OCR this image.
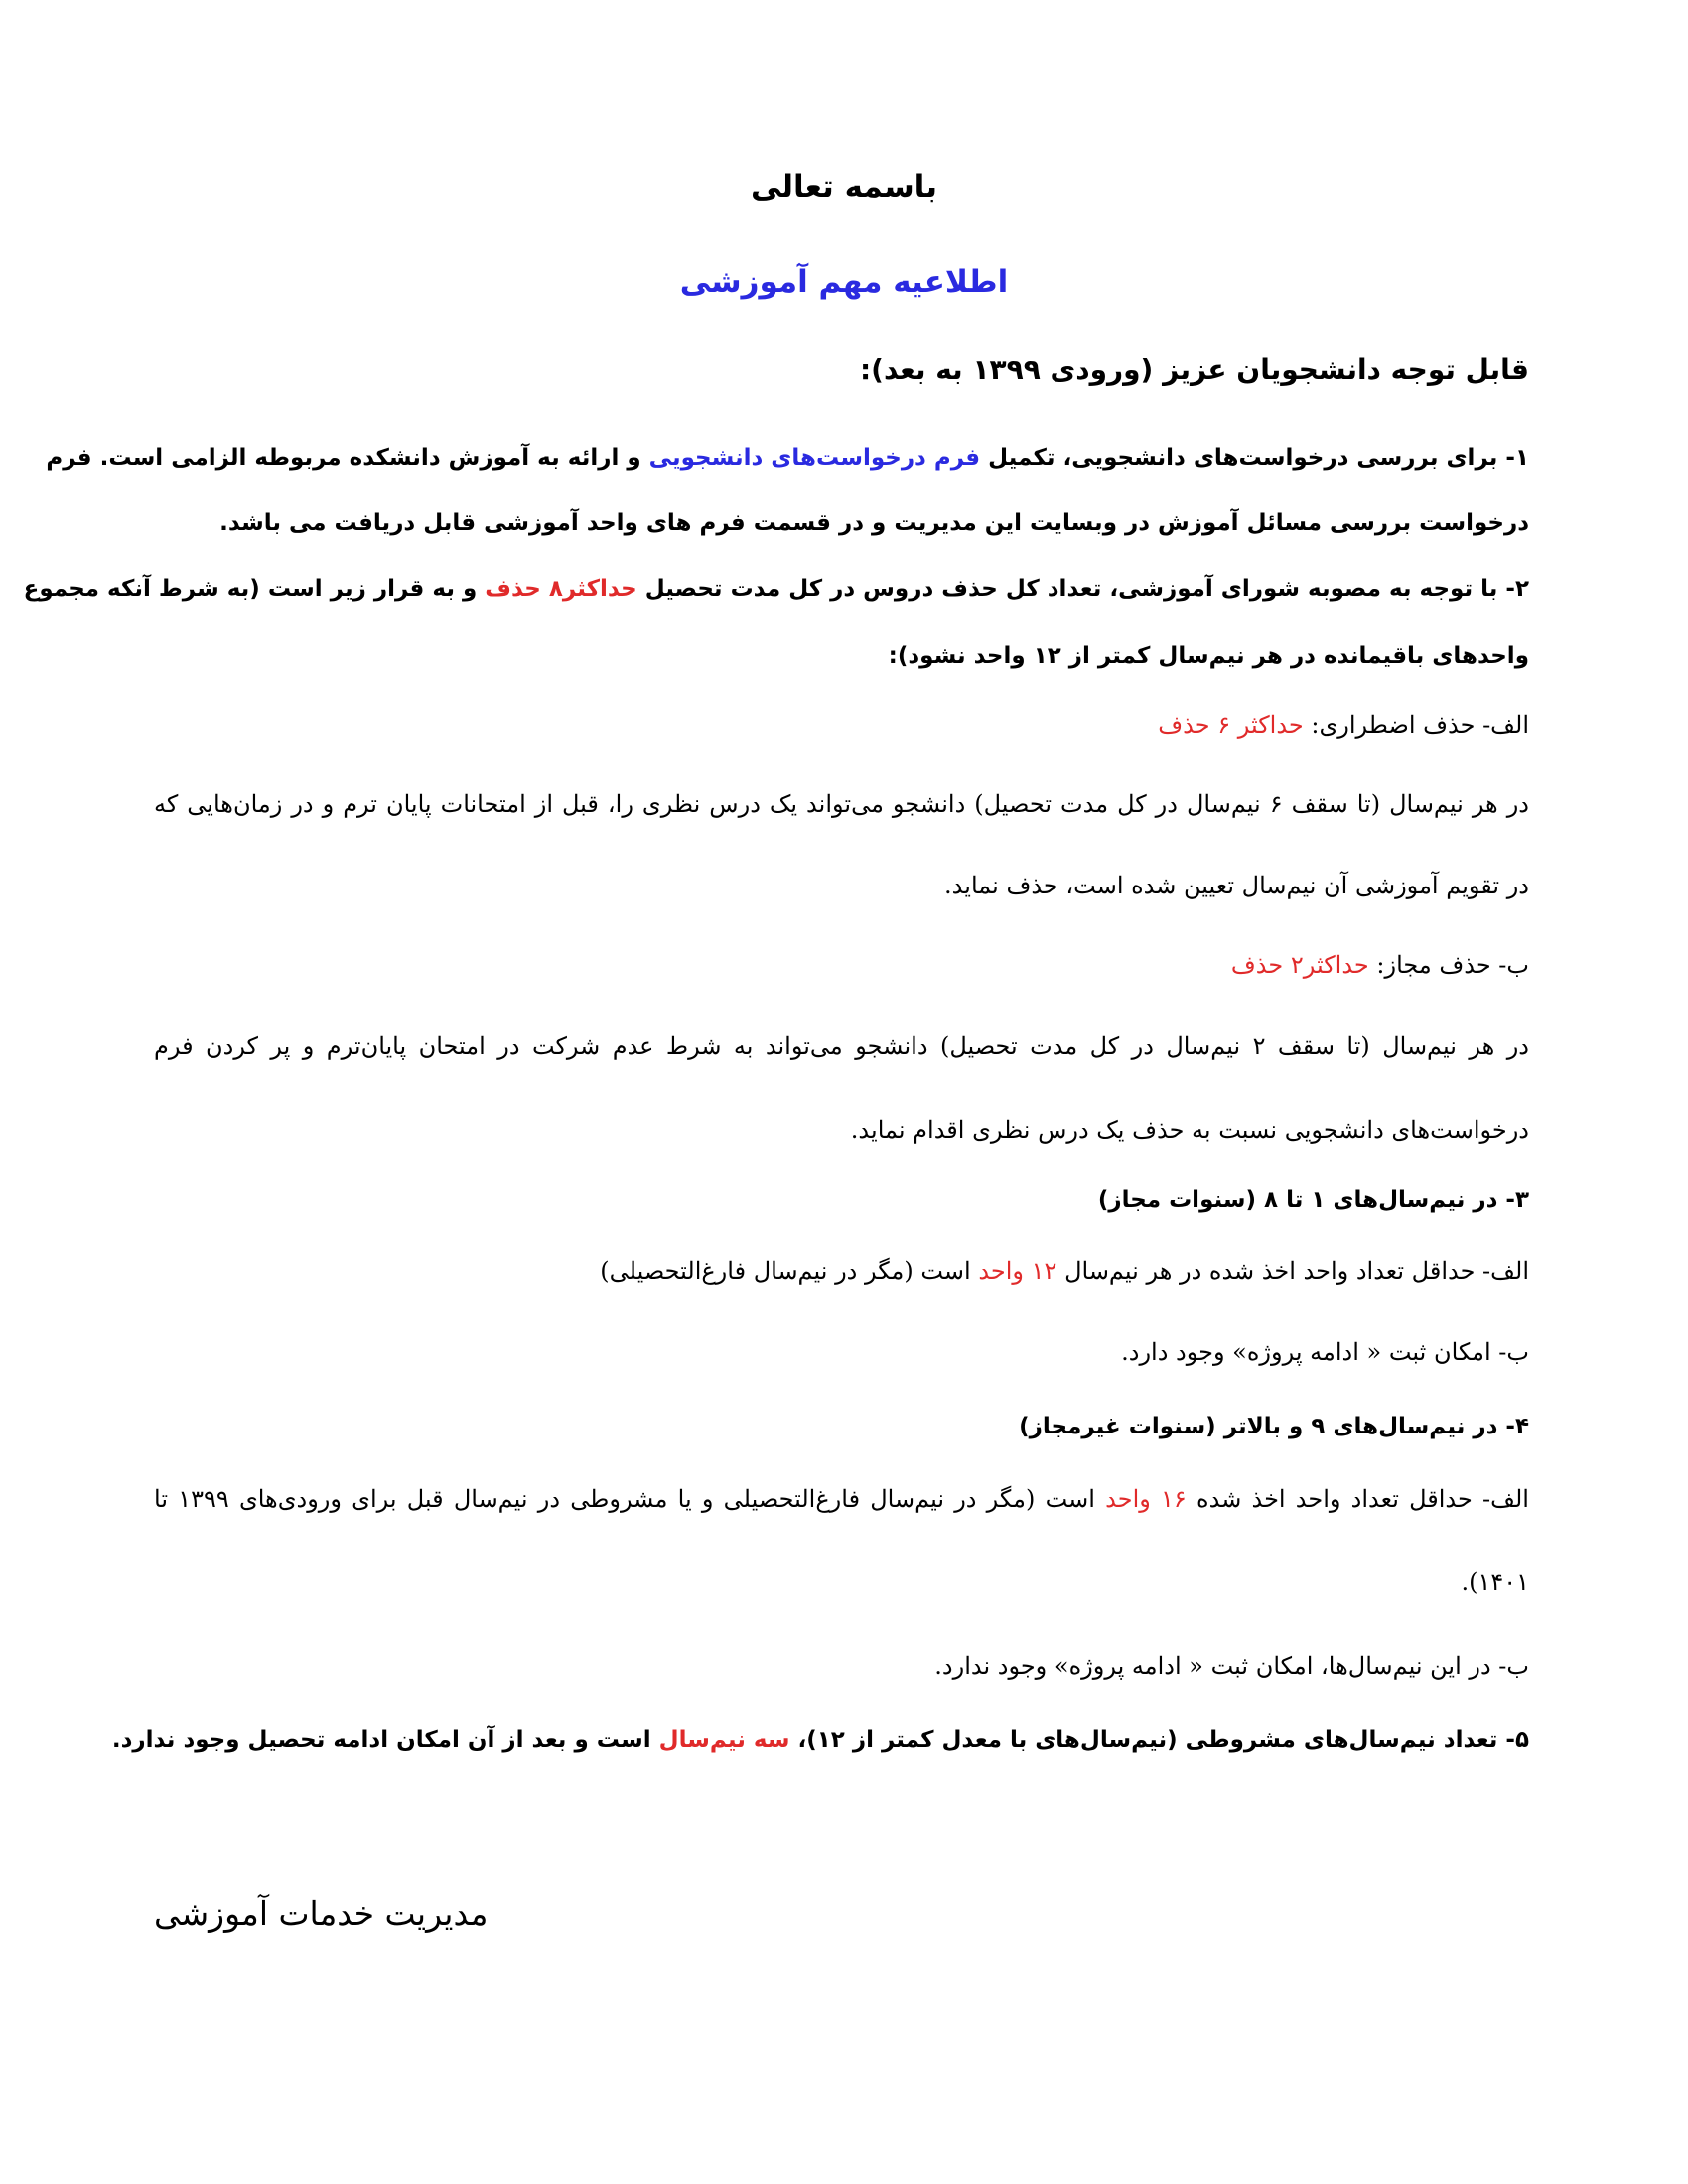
باسمه تعالی
اطلاعیه مهم آموزشی
قابل توجه دانشجویان عزیز (ورودی ۱۳۹۹ به بعد):
۱- برای بررسی درخواست‌های دانشجویی، تکمیل فرم درخواست‌های دانشجویی و ارائه به آموزش دانشکده مربوطه الزامی است. فرم
درخواست بررسی مسائل آموزش در وبسایت این مدیریت و در قسمت فرم های واحد آموزشی قابل دریافت می باشد.
۲- با توجه به مصوبه شورای آموزشی، تعداد کل حذف دروس در کل مدت تحصیل حداکثر۸ حذف و به قرار زیر است (به شرط آنکه مجموع
واحدهای باقیمانده در هر نیم‌سال کمتر از ۱۲ واحد نشود):
الف- حذف اضطراری: حداکثر ۶ حذف
در هر نیم‌سال (تا سقف ۶ نیم‌سال در کل مدت تحصیل) دانشجو می‌تواند یک درس نظری را، قبل از امتحانات پایان ترم و در زمان‌هایی که
در تقویم آموزشی آن نیم‌سال تعیین شده است، حذف نماید.
ب- حذف مجاز: حداکثر۲ حذف
در هر نیم‌سال (تا سقف ۲ نیم‌سال در کل مدت تحصیل) دانشجو می‌تواند به شرط عدم شرکت در امتحان پایان‌ترم و پر کردن فرم
درخواست‌های دانشجویی نسبت به حذف یک درس نظری اقدام نماید.
۳- در نیم‌سال‌های ۱ تا ۸ (سنوات مجاز)
الف- حداقل تعداد واحد اخذ شده در هر نیم‌سال ۱۲ واحد است (مگر در نیم‌سال فارغ‌التحصیلی)
ب- امکان ثبت « ادامه پروژه» وجود دارد.
۴- در نیم‌سال‌های ۹ و بالاتر (سنوات غیرمجاز)
الف- حداقل تعداد واحد اخذ شده ۱۶ واحد است (مگر در نیم‌سال فارغ‌التحصیلی و یا مشروطی در نیم‌سال قبل برای ورودی‌های ۱۳۹۹ تا
۱۴۰۱).
ب- در این نیم‌سال‌ها، امکان ثبت « ادامه پروژه» وجود ندارد.
۵- تعداد نیم‌سال‌های مشروطی (نیم‌سال‌های با معدل کمتر از ۱۲)، سه نیم‌سال است و بعد از آن امکان ادامه تحصیل وجود ندارد.
مدیریت خدمات آموزشی
